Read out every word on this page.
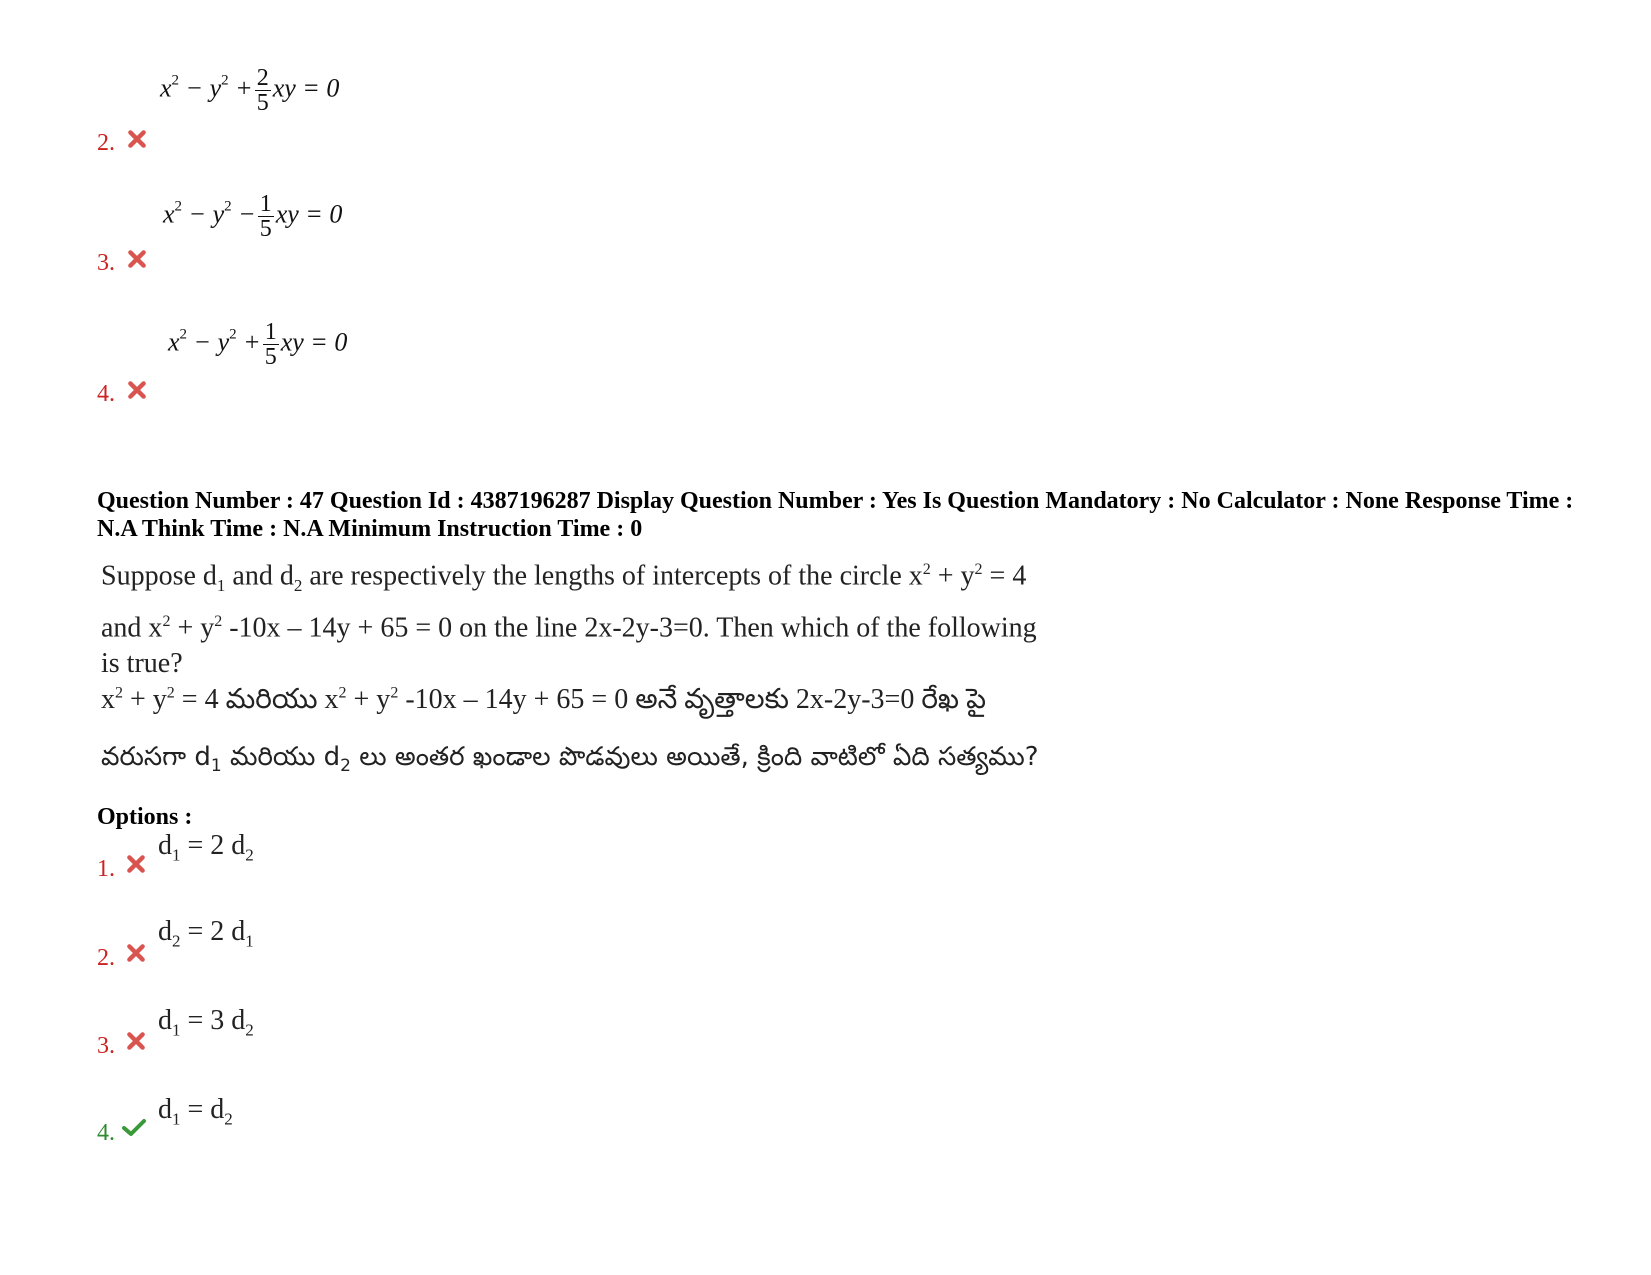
2.
$x^2 - y^2 + \frac{2}{5}$ xy = 0
3.
$x^2 - y^2 - \frac{1}{5}$ xy = 0
4.
$x^2 - y^2 + \frac{1}{5}$ xy = 0
Question Number : 47 Question Id : 4387196287 Display Question Number : Yes Is Question Mandatory : No Calculator : None Response Time : N.A Think Time : N.A Minimum Instruction Time : 0
Suppose $d_1$ and $d_2$ are respectively the lengths of intercepts of the circle $x^2 + y^2 = 4$
and $x^2 + y^2$ -10x – 14y + 65 = 0 on the line 2x-2y-3=0. Then which of the following
is true?
$x^2 + y^2 = 4$ మరియు $x^2 + y^2$ -10x – 14y + 65 = 0 అనే వృత్తాలకు 2x-2y-3=0 రేఖ పై
వరుసగా $d_1$ మరియు $d_2$ లు అంతర ఖండాల పొడవులు అయితే, క్రింది వాటిలో ఏది సత్యము?
Options :
1.
$d_1 = 2$ $d_2$
2.
$d_2 = 2$ $d_1$
3.
$d_1 = 3$ $d_2$
4.
$d_1 = d_2$
